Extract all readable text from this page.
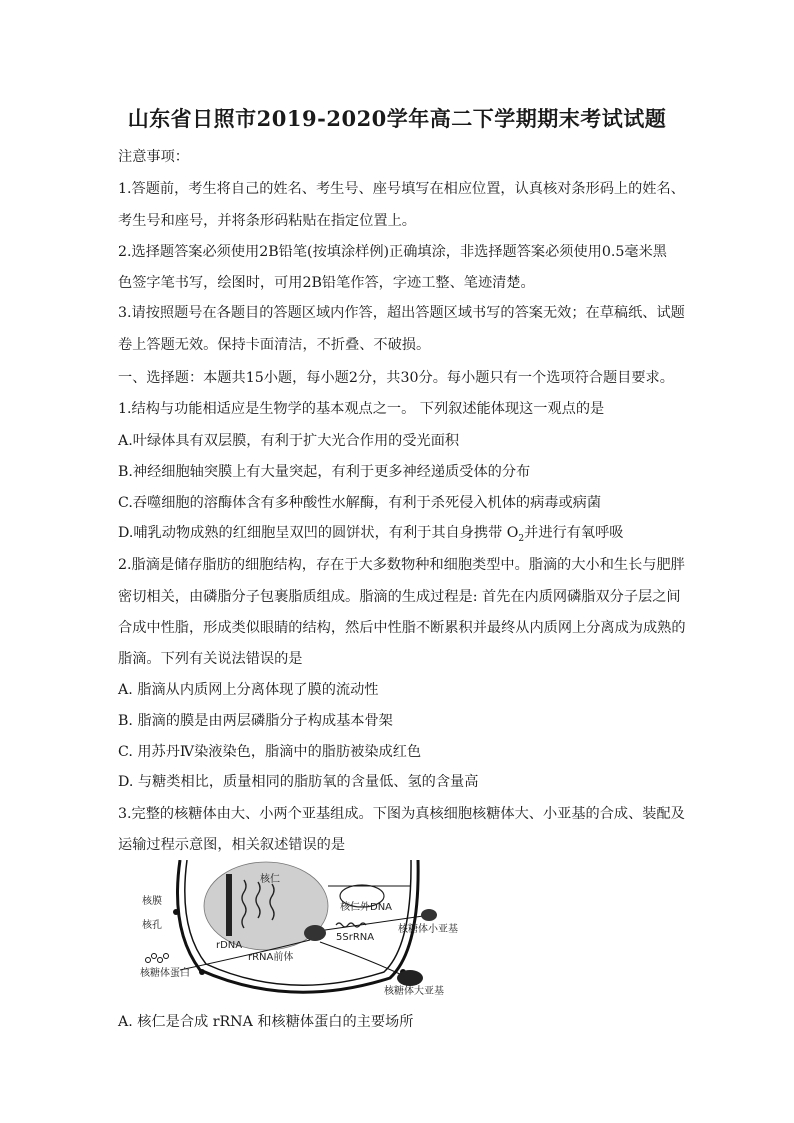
山东省日照市2019-2020学年高二下学期期末考试试题
注意事项：
1.答题前，考生将自己的姓名、考生号、座号填写在相应位置，认真核对条形码上的姓名、
考生号和座号，并将条形码粘贴在指定位置上。
2.选择题答案必须使用2B铅笔(按填涂样例)正确填涂，非选择题答案必须使用0.5毫米黑
色签字笔书写，绘图时，可用2B铅笔作答，字迹工整、笔迹清楚。
3.请按照题号在各题目的答题区域内作答，超出答题区域书写的答案无效；在草稿纸、试题
卷上答题无效。保持卡面清洁，不折叠、不破损。
一、选择题：本题共15小题，每小题2分，共30分。每小题只有一个选项符合题目要求。
1.结构与功能相适应是生物学的基本观点之一。 下列叙述能体现这一观点的是
A.叶绿体具有双层膜，有利于扩大光合作用的受光面积
B.神经细胞轴突膜上有大量突起，有利于更多神经递质受体的分布
C.吞噬细胞的溶酶体含有多种酸性水解酶，有利于杀死侵入机体的病毒或病菌
D.哺乳动物成熟的红细胞呈双凹的圆饼状，有利于其自身携带 $O_2$并进行有氧呼吸
2.脂滴是储存脂肪的细胞结构，存在于大多数物种和细胞类型中。脂滴的大小和生长与肥胖
密切相关，由磷脂分子包裹脂质组成。脂滴的生成过程是: 首先在内质网磷脂双分子层之间
合成中性脂，形成类似眼睛的结构，然后中性脂不断累积并最终从内质网上分离成为成熟的
脂滴。下列有关说法错误的是
A. 脂滴从内质网上分离体现了膜的流动性
B. 脂滴的膜是由两层磷脂分子构成基本骨架
C. 用苏丹Ⅳ染液染色，脂滴中的脂肪被染成红色
D. 与糖类相比，质量相同的脂肪氧的含量低、氢的含量高
3.完整的核糖体由大、小两个亚基组成。下图为真核细胞核糖体大、小亚基的合成、装配及
运输过程示意图，相关叙述错误的是
核膜
核孔
核仁
rDNA
核仁外DNA
5SrRNA
核糖体小亚基
rRNA前体
核糖体蛋白
核糖体大亚基
A. 核仁是合成 rRNA 和核糖体蛋白的主要场所
